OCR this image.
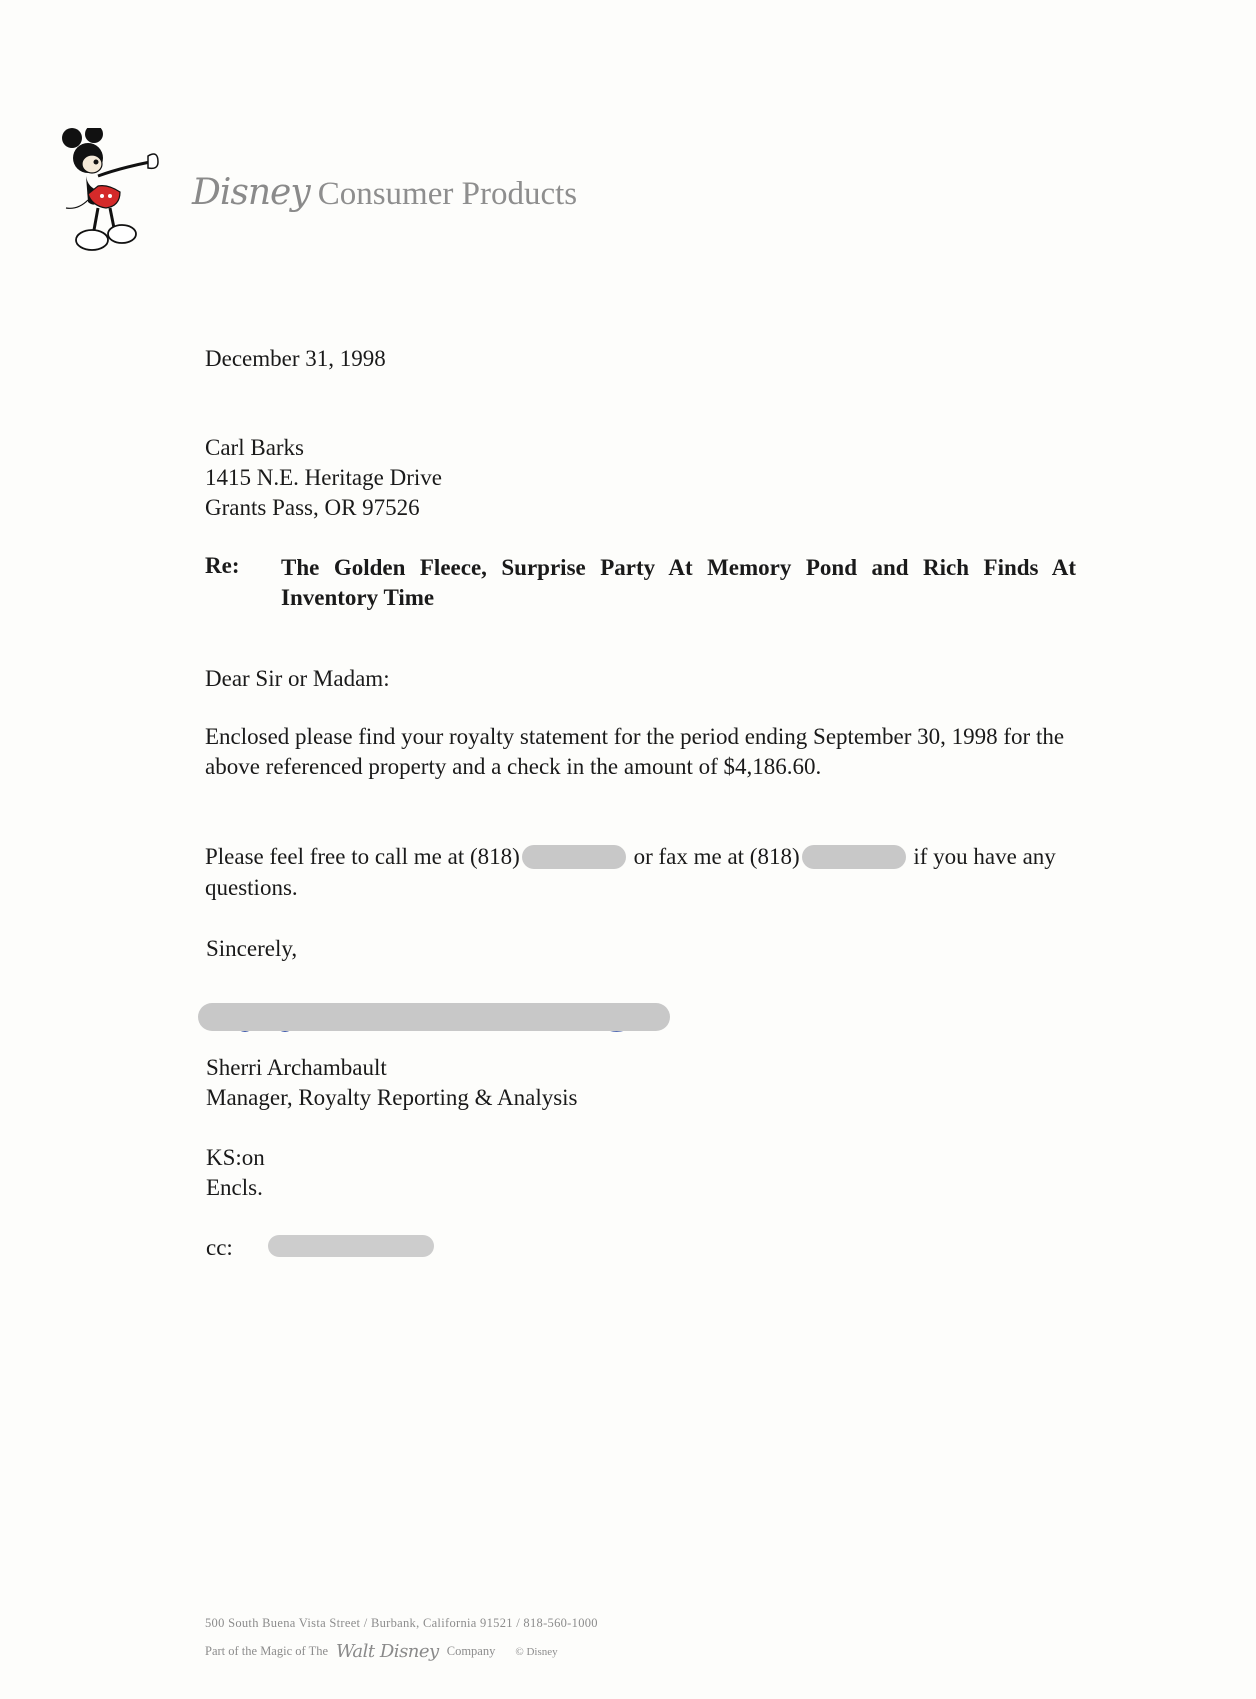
Disney Consumer Products
December 31, 1998
Carl Barks
1415 N.E. Heritage Drive
Grants Pass, OR 97526
Re: The Golden Fleece, Surprise Party At Memory Pond and Rich Finds At Inventory Time
Dear Sir or Madam:
Enclosed please find your royalty statement for the period ending September 30, 1998 for the above referenced property and a check in the amount of $4,186.60.
Please feel free to call me at (818)	or fax me at (818)	if you have any questions.
Sincerely,
Sherri Archambault
Manager, Royalty Reporting & Analysis
KS:on
Encls.
cc:
500 South Buena Vista Street / Burbank, California 91521 / 818-560-1000
Part of the Magic of The Walt Disney Company © Disney
